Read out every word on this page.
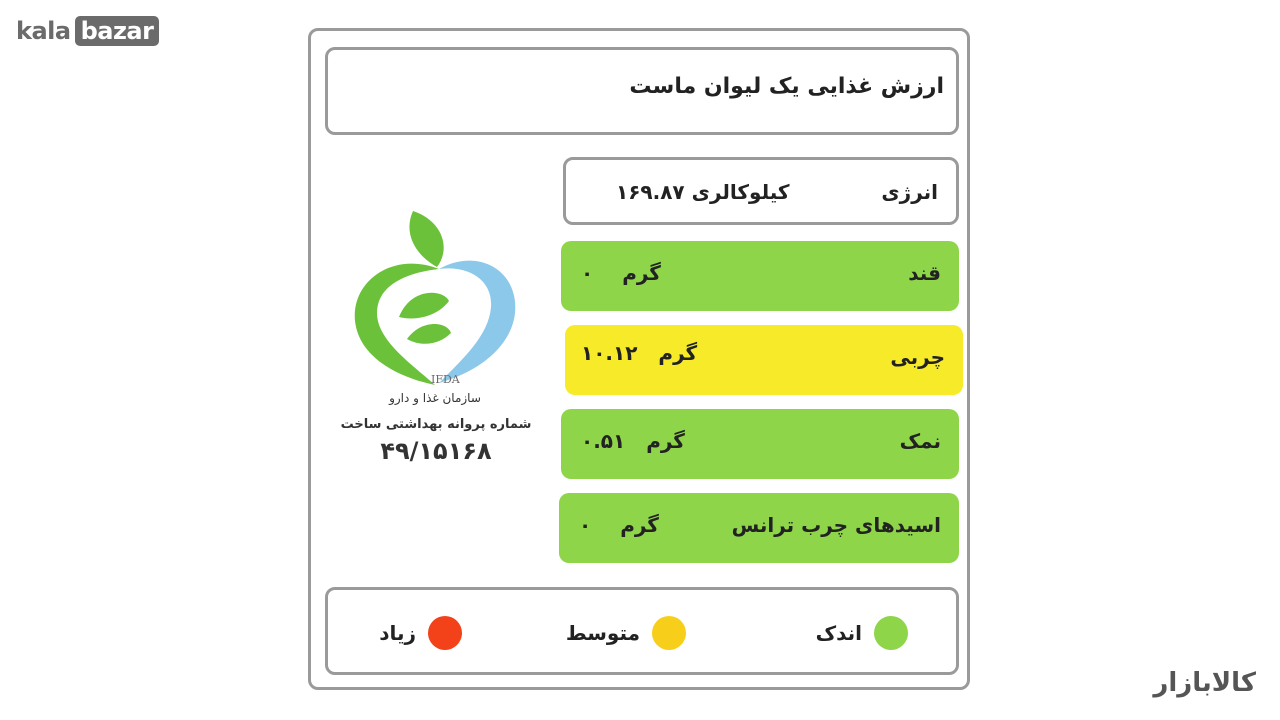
kala bazar
ارزش غذایی یک لیوان ماست
IFDA
سازمان غذا و دارو
شماره پروانه بهداشتی ساخت
۴۹/۱۵۱۶۸
انرژی
کیلوکالری ۱۶۹.۸۷
قند
گرم ۰
چربی
گرم ۱۰.۱۲
نمک
گرم ۰.۵۱
اسیدهای چرب ترانس
گرم ۰
اندک
متوسط
زیاد
کالابازار
